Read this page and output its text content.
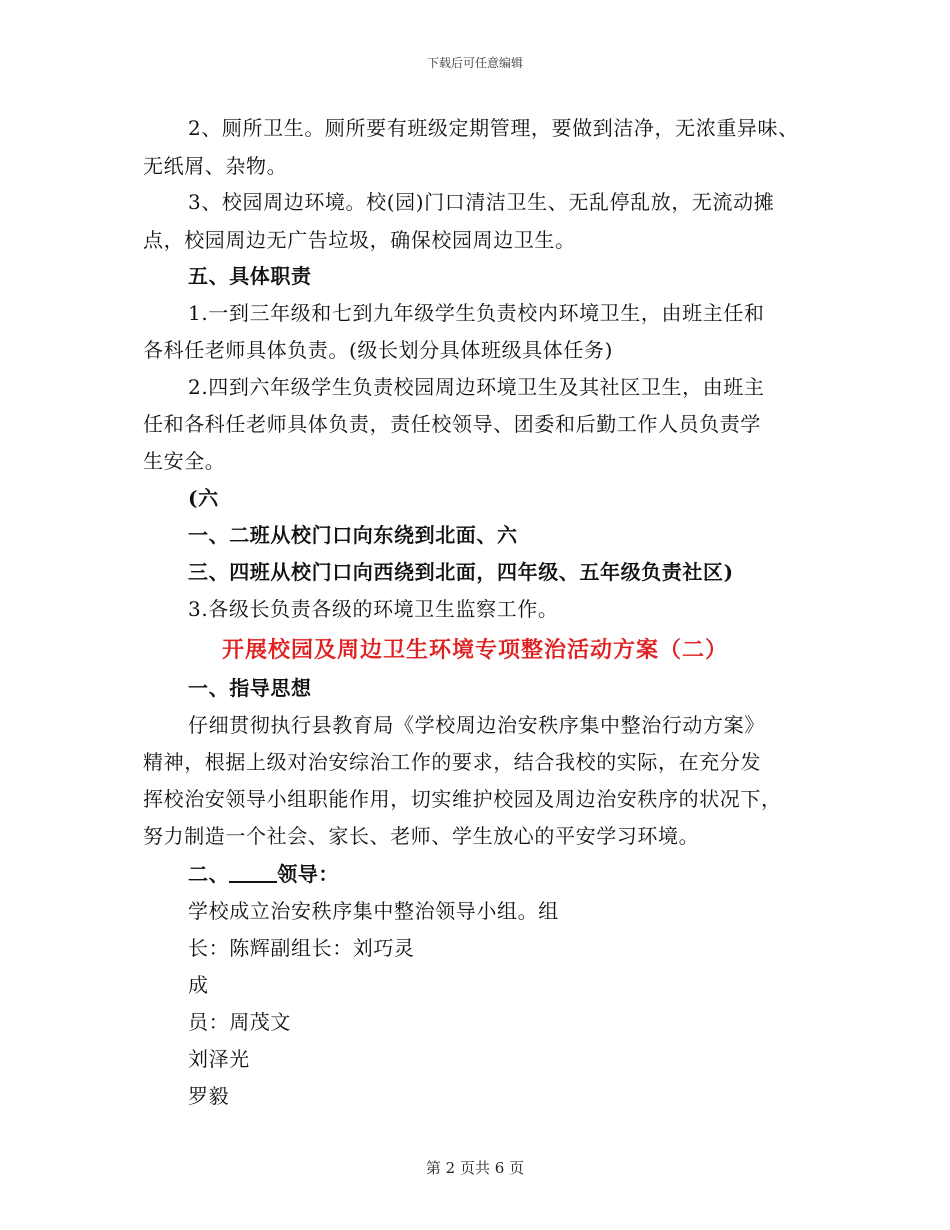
下载后可任意编辑
2、厕所卫生。厕所要有班级定期管理，要做到洁净，无浓重异味、
无纸屑、杂物。
3、校园周边环境。校(园)门口清洁卫生、无乱停乱放，无流动摊
点，校园周边无广告垃圾，确保校园周边卫生。
五、具体职责
1.一到三年级和七到九年级学生负责校内环境卫生，由班主任和
各科任老师具体负责。(级长划分具体班级具体任务)
2.四到六年级学生负责校园周边环境卫生及其社区卫生，由班主
任和各科任老师具体负责，责任校领导、团委和后勤工作人员负责学
生安全。
(六
一、二班从校门口向东绕到北面、六
三、四班从校门口向西绕到北面，四年级、五年级负责社区)
3.各级长负责各级的环境卫生监察工作。
开展校园及周边卫生环境专项整治活动方案（二）
一、指导思想
仔细贯彻执行县教育局《学校周边治安秩序集中整治行动方案》
精神，根据上级对治安综治工作的要求，结合我校的实际，在充分发
挥校治安领导小组职能作用，切实维护校园及周边治安秩序的状况下，
努力制造一个社会、家长、老师、学生放心的平安学习环境。
二、 领导：
学校成立治安秩序集中整治领导小组。组
长：陈辉副组长：刘巧灵
成
员：周茂文
刘泽光
罗毅
第 2 页共 6 页
